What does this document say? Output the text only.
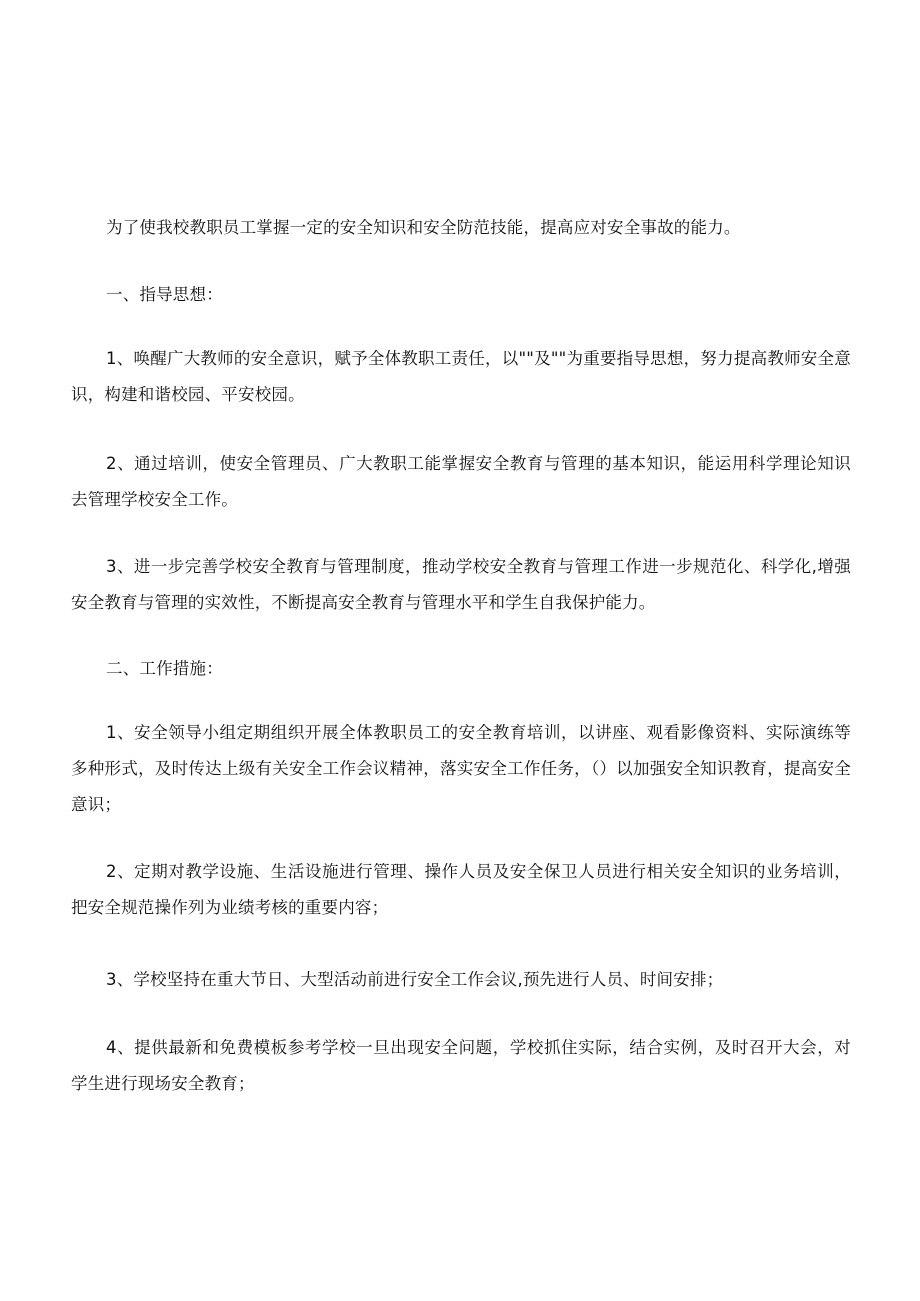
为了使我校教职员工掌握一定的安全知识和安全防范技能，提高应对安全事故的能力。

一、指导思想：

1、唤醒广大教师的安全意识，赋予全体教职工责任，以""及""为重要指导思想，努力提高教师安全意识，构建和谐校园、平安校园。

2、通过培训，使安全管理员、广大教职工能掌握安全教育与管理的基本知识，能运用科学理论知识去管理学校安全工作。

3、进一步完善学校安全教育与管理制度，推动学校安全教育与管理工作进一步规范化、科学化,增强安全教育与管理的实效性，不断提高安全教育与管理水平和学生自我保护能力。

二、工作措施：

1、安全领导小组定期组织开展全体教职员工的安全教育培训，以讲座、观看影像资料、实际演练等多种形式，及时传达上级有关安全工作会议精神，落实安全工作任务，（）以加强安全知识教育，提高安全意识；

2、定期对教学设施、生活设施进行管理、操作人员及安全保卫人员进行相关安全知识的业务培训，把安全规范操作列为业绩考核的重要内容；

3、学校坚持在重大节日、大型活动前进行安全工作会议,预先进行人员、时间安排；

4、提供最新和免费模板参考学校一旦出现安全问题，学校抓住实际，结合实例，及时召开大会，对学生进行现场安全教育；
